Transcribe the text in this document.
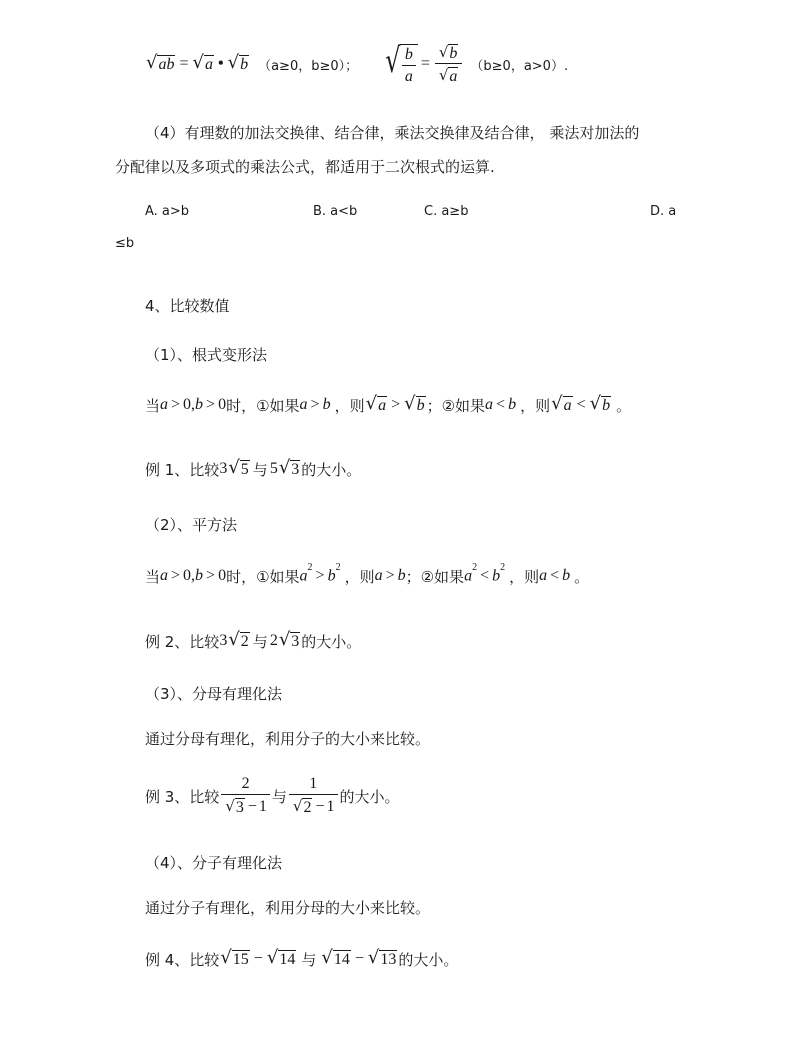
√ ab = √ a • √ b （a≥0，b≥0）； √ $\frac{b}{a} = \frac{√ b}{√ a} (b\ge 0$，a>0）.
（4）有理数的加法交换律、结合律，乘法交换律及结合律， 乘法对加法的
分配律以及多项式的乘法公式，都适用于二次根式的运算.
A. a>b	B. a<b	C. a≥b	D. a
≤b
4、比较数值
（1）、根式变形法
当 a > 0 , b > 0 时，①如果 a > b ，则 √ a > √ b ；②如果 a < b ，则 √ a < √ b 。
例 1、比较 3 √ 5 与 5 √ 3 的大小。
（2）、平方法
当 a > 0 , b > 0 时，①如果 $a^2 > b^2$ ，则 a > b ；②如果 $a^2 < b^2$ ，则 a < b 。
例 2、比较 3 √ 2 与 2 √ 3 的大小。
（3）、分母有理化法
通过分母有理化，利用分子的大小来比较。
例 3、比较 $\frac{2}{√ 3 - 1}$ 与 $\frac{1}{√ 2 - 1}$ 的大小。
（4）、分子有理化法
通过分子有理化，利用分母的大小来比较。
例 4、比较 √ 15 − √ 14 与 √ 14 − √ 13 的大小。
